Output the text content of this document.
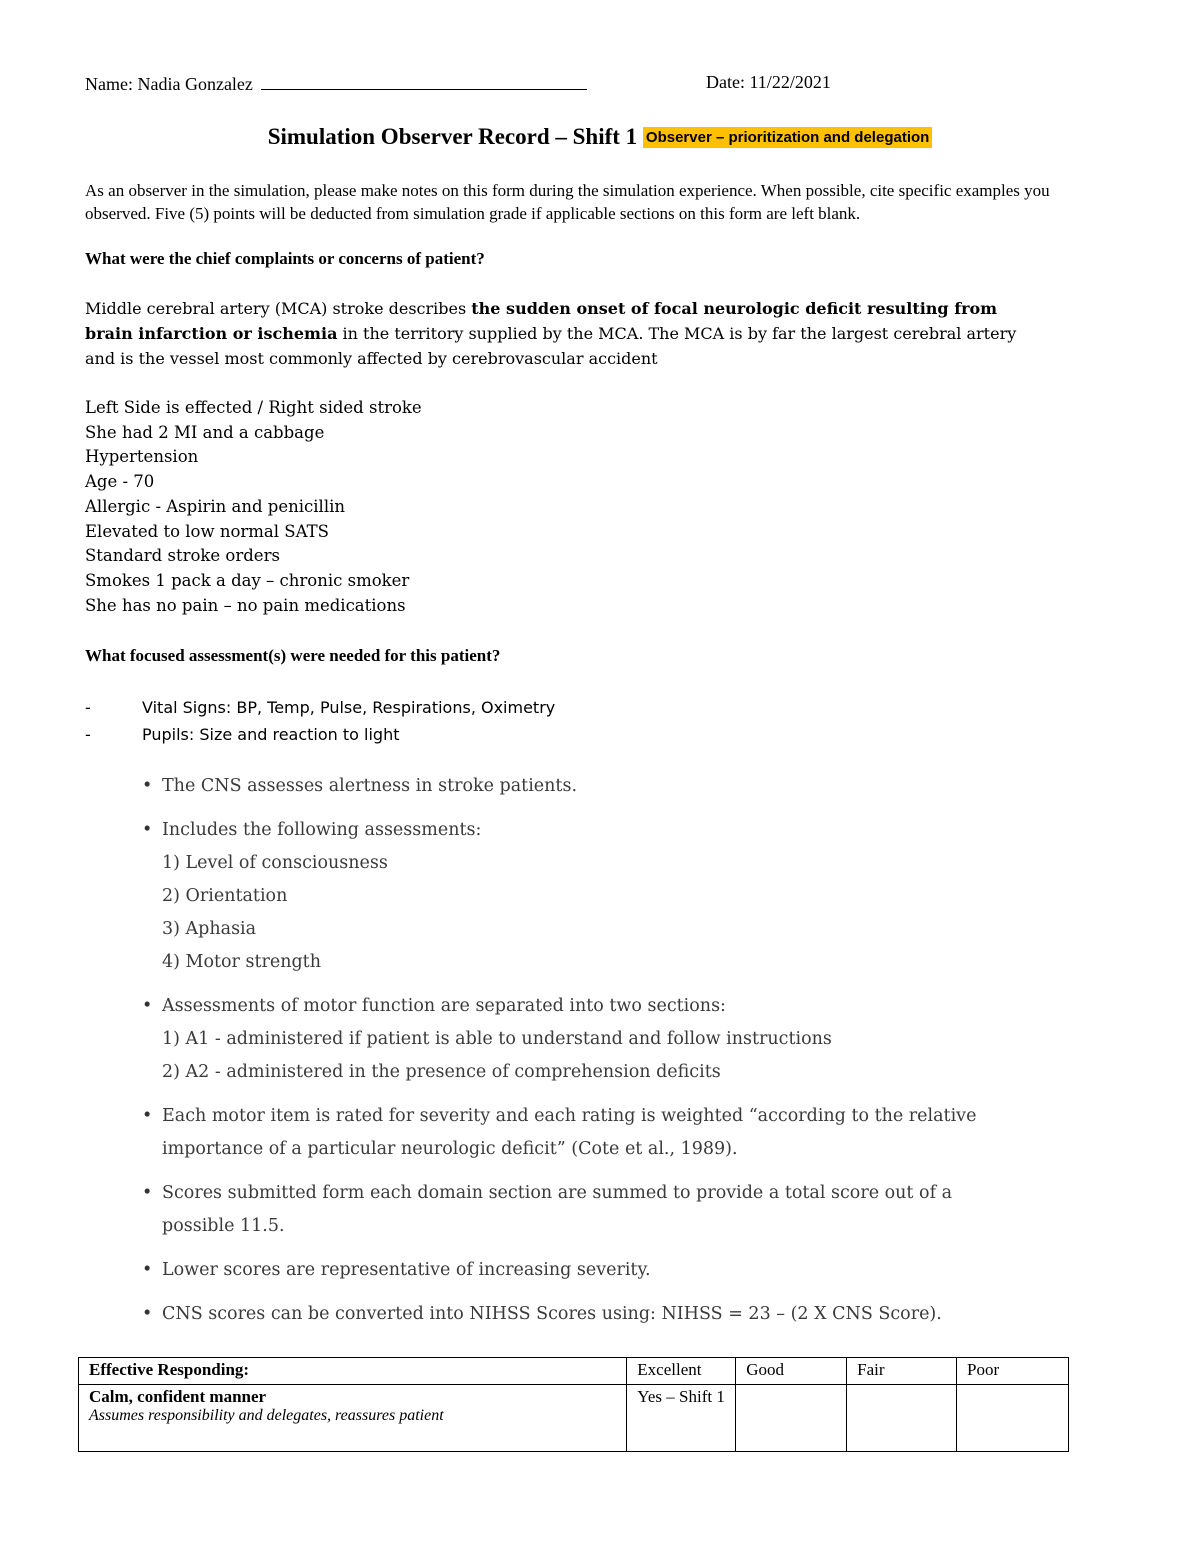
Name: Nadia Gonzalez	Date: 11/22/2021
Simulation Observer Record – Shift 1 Observer – prioritization and delegation
As an observer in the simulation, please make notes on this form during the simulation experience. When possible, cite specific examples you observed. Five (5) points will be deducted from simulation grade if applicable sections on this form are left blank.
What were the chief complaints or concerns of patient?
Middle cerebral artery (MCA) stroke describes the sudden onset of focal neurologic deficit resulting from brain infarction or ischemia in the territory supplied by the MCA. The MCA is by far the largest cerebral artery and is the vessel most commonly affected by cerebrovascular accident
Left Side is effected / Right sided stroke
She had 2 MI and a cabbage
Hypertension
Age - 70
Allergic - Aspirin and penicillin
Elevated to low normal SATS
Standard stroke orders
Smokes 1 pack a day – chronic smoker
She has no pain – no pain medications
What focused assessment(s) were needed for this patient?
-	Vital Signs: BP, Temp, Pulse, Respirations, Oximetry
-	Pupils: Size and reaction to light
• The CNS assesses alertness in stroke patients.
• Includes the following assessments:
1) Level of consciousness
2) Orientation
3) Aphasia
4) Motor strength
• Assessments of motor function are separated into two sections:
1) A1 - administered if patient is able to understand and follow instructions
2) A2 - administered in the presence of comprehension deficits
• Each motor item is rated for severity and each rating is weighted “according to the relative importance of a particular neurologic deficit” (Cote et al., 1989).
• Scores submitted form each domain section are summed to provide a total score out of a possible 11.5.
• Lower scores are representative of increasing severity.
• CNS scores can be converted into NIHSS Scores using: NIHSS = 23 – (2 X CNS Score).
Effective Responding:	Excellent	Good	Fair	Poor

Calm, confident manner
Assumes responsibility and delegates, reassures patient	Yes – Shift 1			
